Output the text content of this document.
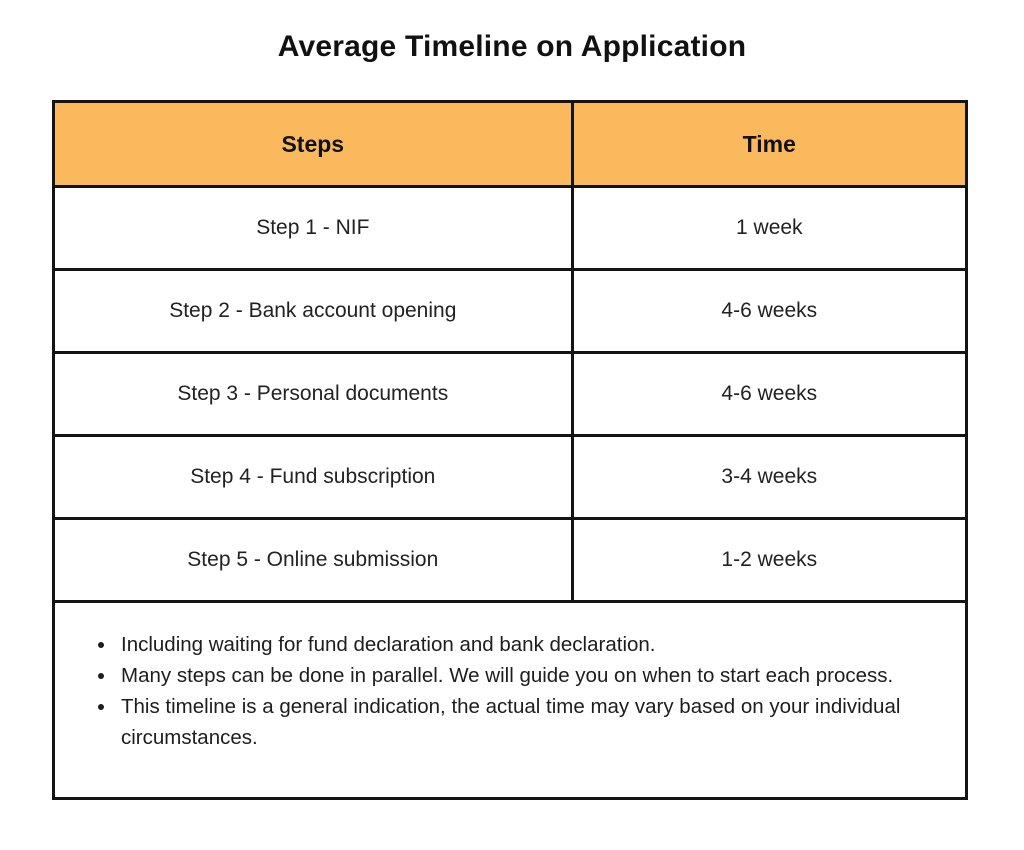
Average Timeline on Application
Steps	Time
Step 1 - NIF	1 week
Step 2 - Bank account opening	4-6 weeks
Step 3 - Personal documents	4-6 weeks
Step 4 - Fund subscription	3-4 weeks
Step 5 - Online submission	1-2 weeks

• Including waiting for fund declaration and bank declaration.
• Many steps can be done in parallel. We will guide you on when to start each process.
• This timeline is a general indication, the actual time may vary based on your individual circumstances.
